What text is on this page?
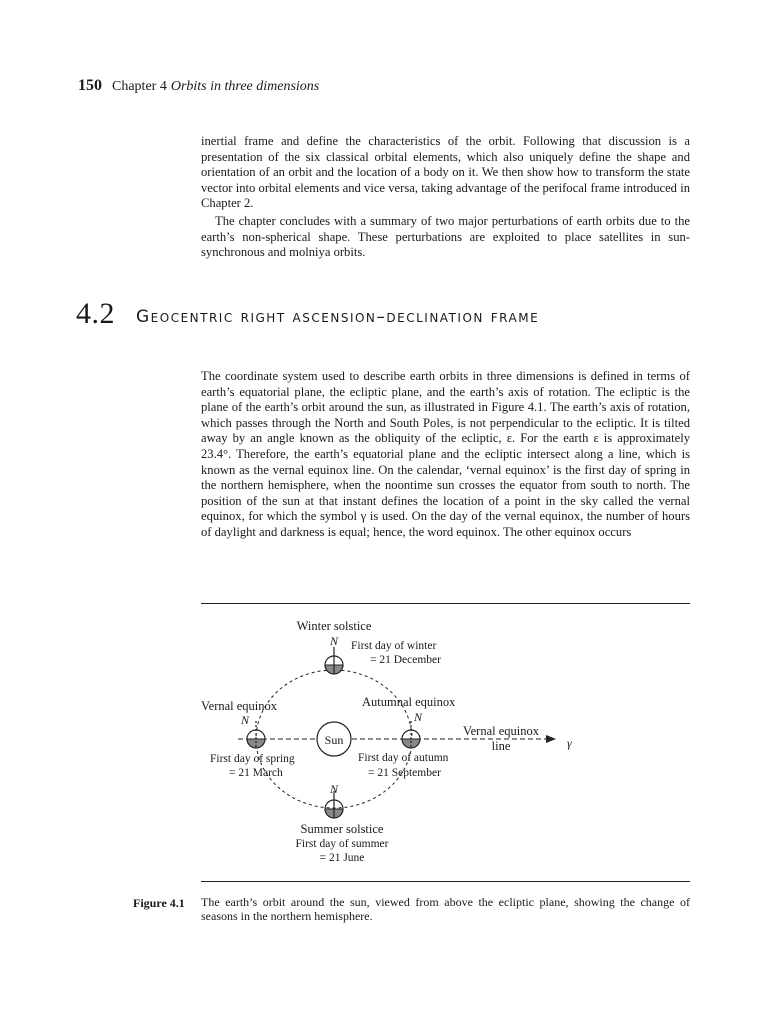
150 Chapter 4 Orbits in three dimensions

inertial frame and define the characteristics of the orbit. Following that discussion is a presentation of the six classical orbital elements, which also uniquely define the shape and orientation of an orbit and the location of a body on it. We then show how to transform the state vector into orbital elements and vice versa, taking advantage of the perifocal frame introduced in Chapter 2.

The chapter concludes with a summary of two major perturbations of earth orbits due to the earth’s non-spherical shape. These perturbations are exploited to place satellites in sun-synchronous and molniya orbits.

4.2 Geocentric right ascension–declination frame

The coordinate system used to describe earth orbits in three dimensions is defined in terms of earth’s equatorial plane, the ecliptic plane, and the earth’s axis of rotation. The ecliptic is the plane of the earth’s orbit around the sun, as illustrated in Figure 4.1. The earth’s axis of rotation, which passes through the North and South Poles, is not perpendicular to the ecliptic. It is tilted away by an angle known as the obliquity of the ecliptic, ε. For the earth ε is approximately 23.4°. Therefore, the earth’s equatorial plane and the ecliptic intersect along a line, which is known as the vernal equinox line. On the calendar, ‘vernal equinox’ is the first day of spring in the northern hemisphere, when the noontime sun crosses the equator from south to north. The position of the sun at that instant defines the location of a point in the sky called the vernal equinox, for which the symbol γ is used. On the day of the vernal equinox, the number of hours of daylight and darkness is equal; hence, the word equinox. The other equinox occurs

Sun
N
N	N
N
Winter solstice
First day of winter
= 21 December
Vernal equinox
First day of spring
= 21 March
Autumnal equinox
First day of autumn
= 21 September
Summer solstice
First day of summer
= 21 June
Vernal equinox
line	γ
Figure 4.1 The earth’s orbit around the sun, viewed from above the ecliptic plane, showing the change of seasons in the northern hemisphere.
